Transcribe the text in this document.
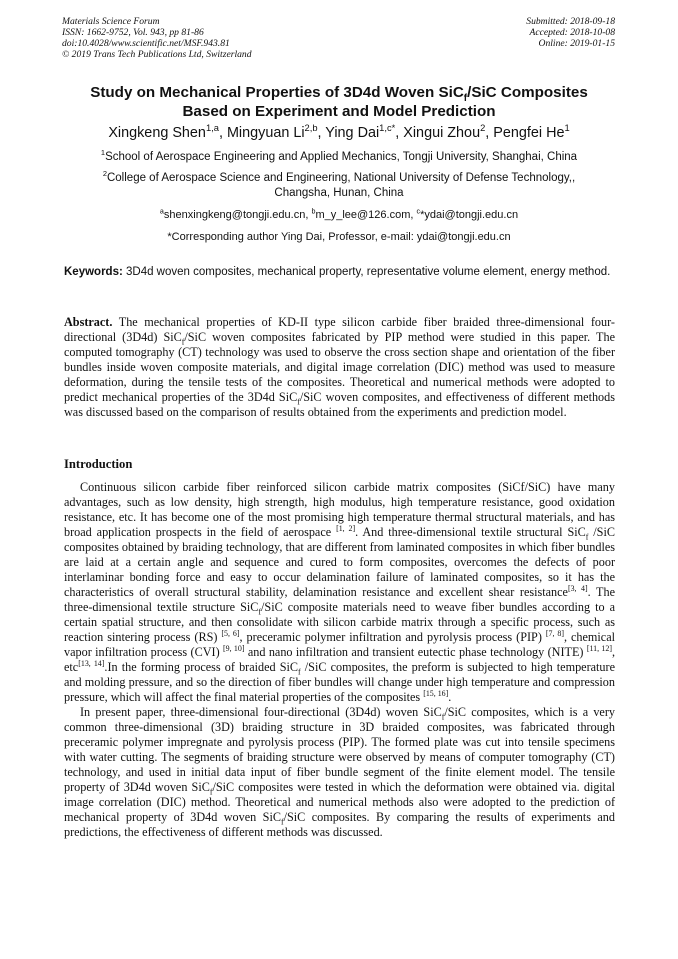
Materials Science Forum
ISSN: 1662-9752, Vol. 943, pp 81-86
doi:10.4028/www.scientific.net/MSF.943.81
© 2019 Trans Tech Publications Ltd, Switzerland
Submitted: 2018-09-18
Accepted: 2018-10-08
Online: 2019-01-15
Study on Mechanical Properties of 3D4d Woven SiC$_f$/SiC Composites
Based on Experiment and Model Prediction
Xingkeng Shen$^{1,a}$, Mingyuan Li$^{2,b}$, Ying Dai$^{1,c*}$, Xingui Zhou$^2$, Pengfei He$^1$
$^1$School of Aerospace Engineering and Applied Mechanics, Tongji University, Shanghai, China
$^2$College of Aerospace Science and Engineering, National University of Defense Technology,,
Changsha, Hunan, China
$^a$shenxingkeng@tongji.edu.cn, $^b$m_y_lee@126.com, $^c$*ydai@tongji.edu.cn
*Corresponding author Ying Dai, Professor, e-mail: ydai@tongji.edu.cn
Keywords: 3D4d woven composites, mechanical property, representative volume element, energy method.
Abstract. The mechanical properties of KD-II type silicon carbide fiber braided three-dimensional four-directional (3D4d) SiC$_f$/SiC woven composites fabricated by PIP method were studied in this paper. The computed tomography (CT) technology was used to observe the cross section shape and orientation of the fiber bundles inside woven composite materials, and digital image correlation (DIC) method was used to measure deformation, during the tensile tests of the composites. Theoretical and numerical methods were adopted to predict mechanical properties of the 3D4d SiC$_f$/SiC woven composites, and effectiveness of different methods was discussed based on the comparison of results obtained from the experiments and prediction model.
Introduction

Continuous silicon carbide fiber reinforced silicon carbide matrix composites (SiCf/SiC) have many advantages, such as low density, high strength, high modulus, high temperature resistance, good oxidation resistance, etc. It has become one of the most promising high temperature thermal structural materials, and has broad application prospects in the field of aerospace [1, 2]. And three-dimensional textile structural SiC$_f$ /SiC composites obtained by braiding technology, that are different from laminated composites in which fiber bundles are laid at a certain angle and sequence and cured to form composites, overcomes the defects of poor interlaminar bonding force and easy to occur delamination failure of laminated composites, so it has the characteristics of overall structural stability, delamination resistance and excellent shear resistance[3, 4]. The three-dimensional textile structure SiC$_f$/SiC composite materials need to weave fiber bundles according to a certain spatial structure, and then consolidate with silicon carbide matrix through a specific process, such as reaction sintering process (RS) [5, 6], preceramic polymer infiltration and pyrolysis process (PIP) [7, 8], chemical vapor infiltration process (CVI) [9, 10] and nano infiltration and transient eutectic phase technology (NITE) [11, 12], etc[13, 14].In the forming process of braided SiC$_f$ /SiC composites, the preform is subjected to high temperature and molding pressure, and so the direction of fiber bundles will change under high temperature and compression pressure, which will affect the final material properties of the composites [15, 16].

In present paper, three-dimensional four-directional (3D4d) woven SiC$_f$/SiC composites, which is a very common three-dimensional (3D) braiding structure in 3D braided composites, was fabricated through preceramic polymer impregnate and pyrolysis process (PIP). The formed plate was cut into tensile specimens with water cutting. The segments of braiding structure were observed by means of computer tomography (CT) technology, and used in initial data input of fiber bundle segment of the finite element model. The tensile property of 3D4d woven SiC$_f$/SiC composites were tested in which the deformation were obtained via. digital image correlation (DIC) method. Theoretical and numerical methods also were adopted to the prediction of mechanical property of 3D4d woven SiC$_f$/SiC composites. By comparing the results of experiments and predictions, the effectiveness of different methods was discussed.
